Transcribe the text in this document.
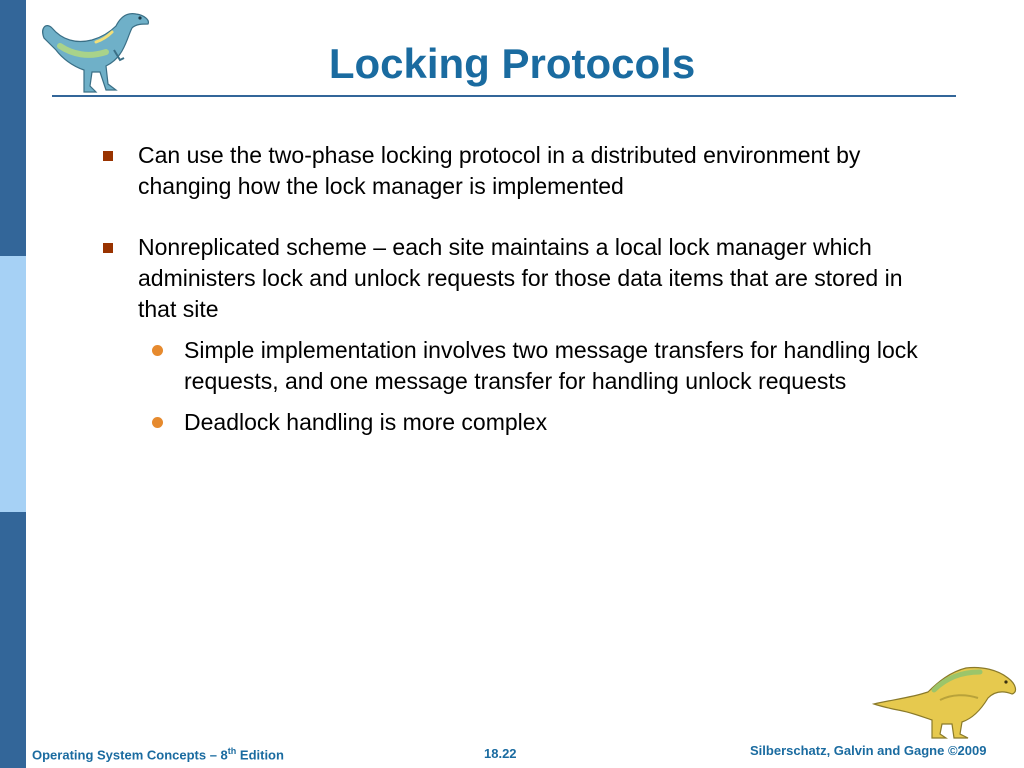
Locking Protocols
Can use the two-phase locking protocol in a distributed environment by changing how the lock manager is implemented
Nonreplicated scheme – each site maintains a local lock manager which administers lock and unlock requests for those data items that are stored in that site
Simple implementation involves two message transfers for handling lock requests, and one message transfer for handling unlock requests
Deadlock handling is more complex
Operating System Concepts – 8th Edition	18.22	Silberschatz, Galvin and Gagne ©2009
